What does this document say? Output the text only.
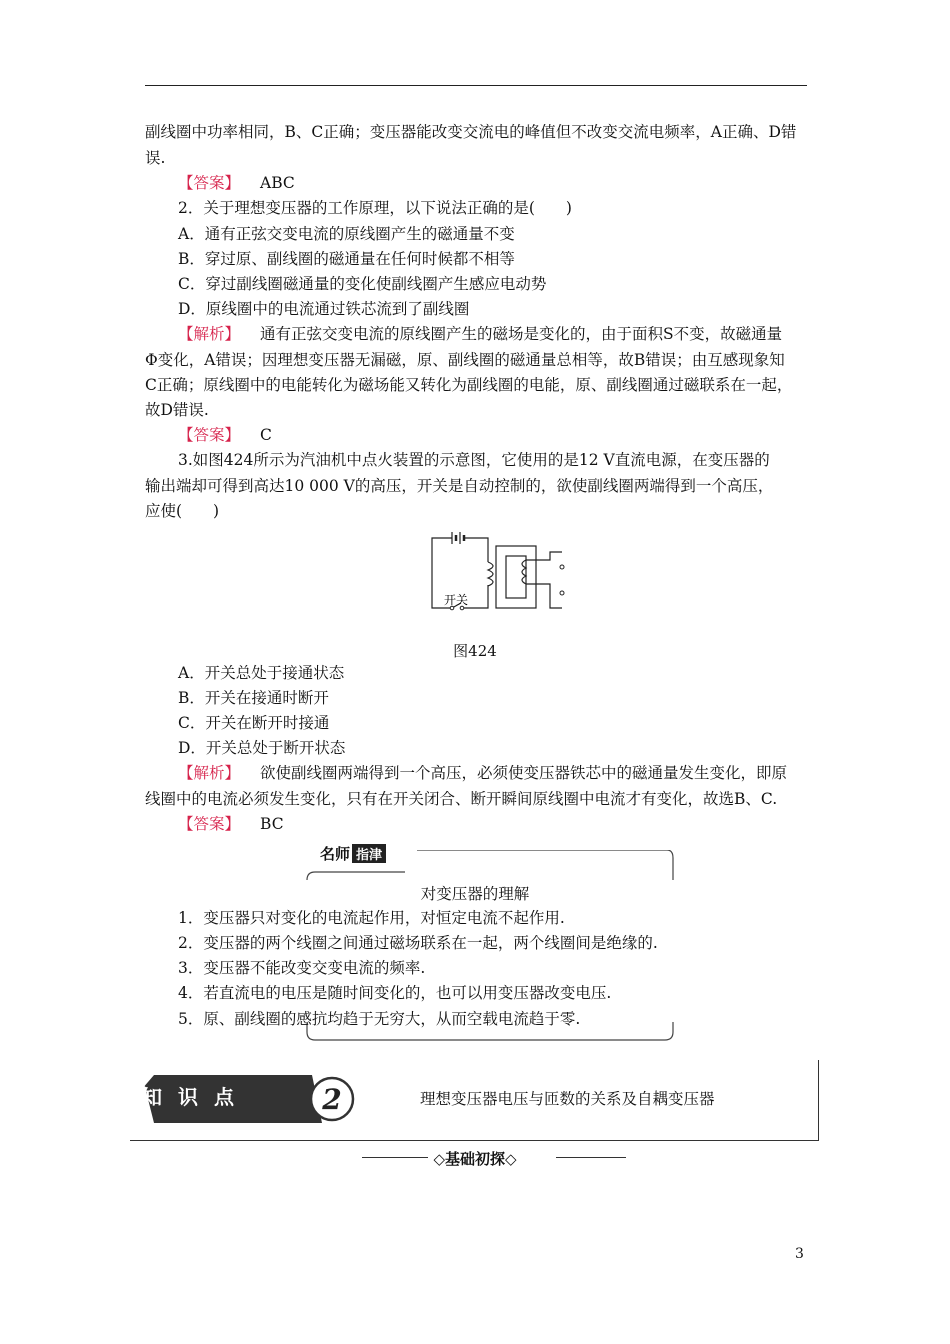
副线圈中功率相同，B、C正确；变压器能改变交流电的峰值但不改变交流电频率，A正确、D错
误.
【答案】 ABC
2．关于理想变压器的工作原理，以下说法正确的是(　　)
A．通有正弦交变电流的原线圈产生的磁通量不变
B．穿过原、副线圈的磁通量在任何时候都不相等
C．穿过副线圈磁通量的变化使副线圈产生感应电动势
D．原线圈中的电流通过铁芯流到了副线圈
【解析】 通有正弦交变电流的原线圈产生的磁场是变化的，由于面积S不变，故磁通量
Φ变化，A错误；因理想变压器无漏磁，原、副线圈的磁通量总相等，故B错误；由互感现象知
C正确；原线圈中的电能转化为磁场能又转化为副线圈的电能，原、副线圈通过磁联系在一起，
故D错误.
【答案】 C
3.如图424所示为汽油机中点火装置的示意图，它使用的是12 V直流电源，在变压器的
输出端却可得到高达10 000 V的高压，开关是自动控制的，欲使副线圈两端得到一个高压，
应使(　　)
开关
图424
A．开关总处于接通状态
B．开关在接通时断开
C．开关在断开时接通
D．开关总处于断开状态
【解析】 欲使副线圈两端得到一个高压，必须使变压器铁芯中的磁通量发生变化，即原
线圈中的电流必须发生变化，只有在开关闭合、断开瞬间原线圈中电流才有变化，故选B、C.
【答案】 BC
名师 指津
对变压器的理解
1．变压器只对变化的电流起作用，对恒定电流不起作用.
2．变压器的两个线圈之间通过磁场联系在一起，两个线圈间是绝缘的.
3．变压器不能改变交变电流的频率.
4．若直流电的电压是随时间变化的，也可以用变压器改变电压.
5．原、副线圈的感抗均趋于无穷大，从而空载电流趋于零.
知识点	2	理想变压器电压与匝数的关系及自耦变压器
◇基础初探◇
3
